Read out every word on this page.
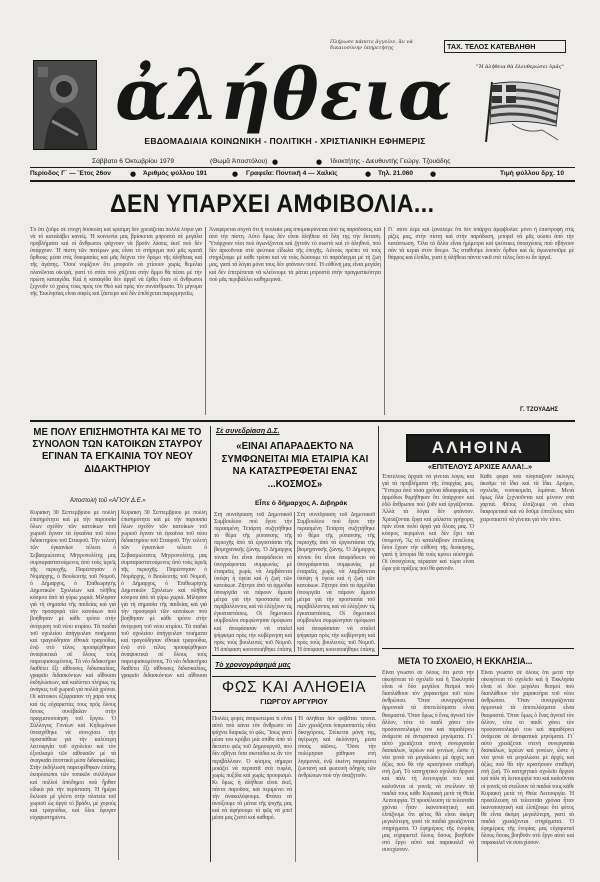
Πλήρωσε κάποτε ἀγγεῖον, ἂν νὰ δικαιοσύνην ὑπηρετήσῃς	ΤΑΧ. ΤΕΛΟΣ ΚΑΤΕΒΛΗΘΗ
ἀλήθεια	"Ἡ ἀλήθεια θὰ ἐλευθερώσει ὑμᾶς"
ΕΒΔΟΜΑΔΙΑΙΑ ΚΟΙΝΩΝΙΚΗ - ΠΟΛΙΤΙΚΗ - ΧΡΙΣΤΙΑΝΙΚΗ ΕΦΗΜΕΡΙΣ
Σάββατο 6 Ὀκτωβρίου 1979	(Θωμᾶ Ἀποστόλου) ●	Ἰδιοκτήτης - Διευθυντὴς Γεώργ. Τζουάδης
●
Περίοδος Γ΄ — Ἔτος 26ον	● Ἀριθμὸς φύλλου 191	● Γραφεῖα: Ποντικῆ 4 — Χαλκὶς	● Τηλ. 21.060 ●	Τιμὴ φύλλου δρχ. 10
ΔΕΝ ΥΠΑΡΧΕΙ ΑΜΦΙΒΟΛΙΑ...
Τὸ ὅτι ζοῦμε σὲ ἐποχὴ δύσκολη καὶ κρίσιμη δὲν χρειάζεται πολλὰ λόγια γιὰ νὰ τὸ καταλάβει κανείς. Ἡ κοινωνία μας βρίσκεται μπροστὰ σὲ μεγάλα προβλήματα καὶ οἱ ἄνθρωποι ψάχνουν νὰ βροῦν λύσεις ἐκεῖ ποὺ δὲν ὑπάρχουν. Ἡ πίστη τῶν πατέρων μας εἶναι τὸ στήριγμα ποὺ μᾶς κρατᾶ ὄρθιους μέσα στὶς δοκιμασίες καὶ μᾶς δείχνει τὸν δρόμο τῆς ἀλήθειας καὶ τῆς ἀγάπης. Ὅσοι νομίζουν ὅτι μποροῦν νὰ χτίσουν χωρὶς θεμέλια πλανῶνται οἰκτρά, γιατὶ τὸ σπίτι ποὺ χτίζεται στὴν ἄμμο θὰ πέσει μὲ τὴν πρώτη καταιγίδα. Καὶ ἡ καταιγίδα δὲν ἀργεῖ νὰ ἔρθει ὅταν οἱ ἄνθρωποι ξεχνοῦν τὸ χρέος τους πρὸς τὸν Θεὸ καὶ πρὸς τὸν συνάνθρωπο. Τὸ μήνυμα τῆς Ἐκκλησίας εἶναι σαφὲς καὶ ξάστερο καὶ δὲν ἐπιδέχεται παρερμηνεῖες.
Ἀναφέρεται συχνὰ ὅτι ἡ νεολαία μας ἀπομακρύνεται ἀπὸ τὶς παραδόσεις καὶ ἀπὸ τὴν πίστη. Αὐτὸ ὅμως δὲν εἶναι ἀλήθεια σὲ ὅλη της τὴν ἔκταση. Ὑπάρχουν νέοι ποὺ ἀγωνίζονται καὶ ζητοῦν τὸ σωστὸ καὶ τὸ ἀληθινό, ποὺ δὲν ἀρκοῦνται στὰ ψεύτικα εἴδωλα τῆς ἐποχῆς. Αὐτοὺς πρέπει νὰ τοὺς στηρίξουμε μὲ κάθε τρόπο καὶ νὰ τοὺς δώσουμε τὸ παράδειγμα μὲ τὴ ζωή μας, γιατὶ τὰ λόγια μόνα τους δὲν φτάνουν ποτέ. Ἡ εὐθύνη μας εἶναι μεγάλη καὶ δὲν ἐπιτρέπεται νὰ κλείνουμε τὰ μάτια μπροστὰ στὴν πραγματικότητα ποὺ μᾶς περιβάλλει καθημερινά.
Γι᾽ αὐτὸ λέμε καὶ ξαναλέμε ὅτι δὲν ὑπάρχει ἀμφιβολία: μόνο ἡ ἐπιστροφὴ στὶς ρίζες μας, στὴν πίστη καὶ στὴν παράδοση, μπορεῖ νὰ μᾶς σώσει ἀπὸ τὴν κατάπτωση. Ὅλα τὰ ἄλλα εἶναι ἡμίμετρα καὶ ψεύτικες ὑποσχέσεις ποὺ σβήνουν σὰν τὰ κεριὰ στὸν ἄνεμο. Ἂς σταθοῦμε λοιπὸν ὄρθιοι καὶ ἂς ἀγωνιστοῦμε μὲ θάρρος καὶ ἐλπίδα, γιατὶ ἡ ἀλήθεια πάντα νικᾶ στὸ τέλος ὅσο κι ἂν ἀργεῖ.
Γ. ΤΖΟΥΑΔΗΣ
ΜΕ ΠΟΛΥ ΕΠΙΣΗΜΟΤΗΤΑ ΚΑΙ ΜΕ ΤΟ ΣΥΝΟΛΟΝ ΤΩΝ ΚΑΤΟΙΚΩΝ ΣΤΑΥΡΟΥ ΕΓΙΝΑΝ ΤΑ ΕΓΚΑΙΝΙΑ ΤΟΥ ΝΕΟΥ ΔΙΔΑΚΤΗΡΙΟΥ
Ἀποστολὴ τοῦ «ΑΓΙΟΥ Δ.Ε.»
Κυριακὴ 30 Σεπτεμβρίου μὲ πολλὴ ἐπισημότητα καὶ μὲ τὴν παρουσία ὅλων σχεδὸν τῶν κατοίκων τοῦ χωριοῦ ἔγιναν τὰ ἐγκαίνια τοῦ νέου διδακτηρίου τοῦ Σταυροῦ. Τὴν τελετὴ τῶν ἐγκαινίων τέλεσε ὁ Σεβασμιώτατος Μητροπολίτης μας συμπαραστατούμενος ἀπὸ τοὺς ἱερεῖς τῆς περιοχῆς. Παρέστησαν ὁ Νομάρχης, ὁ Βουλευτὴς τοῦ Νομοῦ, ὁ Δήμαρχος, ὁ Ἐπιθεωρητὴς Δημοτικῶν Σχολείων καὶ πλῆθος κόσμου ἀπὸ τὰ γύρω χωριά. Μίλησαν γιὰ τὴ σημασία τῆς παιδείας καὶ γιὰ τὴν προσφορὰ τῶν κατοίκων ποὺ βοήθησαν μὲ κάθε τρόπο στὴν ἀνέγερση τοῦ νέου κτιρίου. Τὰ παιδιὰ τοῦ σχολείου ἀπήγγειλαν ποιήματα καὶ τραγούδησαν ἐθνικὰ τραγούδια, ἐνῷ στὸ τέλος προσφέρθηκαν ἀναψυκτικὰ σὲ ὅλους τοὺς παρευρισκομένους. Τὸ νέο διδακτήριο διαθέτει ἕξι αἴθουσες διδασκαλίας, γραφεῖο διδασκόντων καὶ αἴθουσα ἐκδηλώσεων, καὶ καλύπτει πλήρως τὶς ἀνάγκες τοῦ χωριοῦ γιὰ πολλὰ χρόνια. Οἱ κάτοικοι ἐξέφρασαν τὴ χαρά τους καὶ τὶς εὐχαριστίες τους πρὸς ὅλους ὅσους συνέβαλαν στὴν πραγματοποίηση τοῦ ἔργου. Ὁ Σύλλογος Γονέων καὶ Κηδεμόνων ὑποσχέθηκε νὰ συνεχίσει τὴν προσπάθεια γιὰ τὴν καλύτερη λειτουργία τοῦ σχολείου καὶ τὸν ἐξοπλισμὸ τῶν αἰθουσῶν μὲ τὰ ἀναγκαῖα ἐποπτικὰ μέσα διδασκαλίας. Στὴν ἐκδήλωση παρευρέθηκαν ἐπίσης ἐκπρόσωποι τῶν τοπικῶν συλλόγων καὶ πολλοὶ ἀπόδημοι ποὺ ἦρθαν εἰδικὰ γιὰ τὴν περίσταση. Ἡ ἡμέρα ἔκλεισε μὲ γλέντι στὴν πλατεία τοῦ χωριοῦ ὡς ἀργὰ τὸ βράδυ, μὲ χορούς καὶ τραγούδια, καὶ ὅλοι ἔφυγαν εὐχαριστημένοι.
Κυριακὴ 30 Σεπτεμβρίου μὲ πολλὴ ἐπισημότητα καὶ μὲ τὴν παρουσία ὅλων σχεδὸν τῶν κατοίκων τοῦ χωριοῦ ἔγιναν τὰ ἐγκαίνια τοῦ νέου διδακτηρίου τοῦ Σταυροῦ. Τὴν τελετὴ τῶν ἐγκαινίων τέλεσε ὁ Σεβασμιώτατος Μητροπολίτης μας συμπαραστατούμενος ἀπὸ τοὺς ἱερεῖς τῆς περιοχῆς. Παρέστησαν ὁ Νομάρχης, ὁ Βουλευτὴς τοῦ Νομοῦ, ὁ Δήμαρχος, ὁ Ἐπιθεωρητὴς Δημοτικῶν Σχολείων καὶ πλῆθος κόσμου ἀπὸ τὰ γύρω χωριά. Μίλησαν γιὰ τὴ σημασία τῆς παιδείας καὶ γιὰ τὴν προσφορὰ τῶν κατοίκων ποὺ βοήθησαν μὲ κάθε τρόπο στὴν ἀνέγερση τοῦ νέου κτιρίου. Τὰ παιδιὰ τοῦ σχολείου ἀπήγγειλαν ποιήματα καὶ τραγούδησαν ἐθνικὰ τραγούδια, ἐνῷ στὸ τέλος προσφέρθηκαν ἀναψυκτικὰ σὲ ὅλους τοὺς παρευρισκομένους. Τὸ νέο διδακτήριο διαθέτει ἕξι αἴθουσες διδασκαλίας, γραφεῖο διδασκόντων καὶ αἴθουσα
Σὲ συνεδρίαση Δ.Σ.
«ΕΙΝΑΙ ΑΠΑΡΑΔΕΚΤΟ ΝΑ ΣΥΜΦΩΝΕΙΤΑΙ ΜΙΑ ΕΤΑΙΡΙΑ ΚΑΙ ΝΑ ΚΑΤΑΣΤΡΕΦΕΤΑΙ ΕΝΑΣ ...ΚΟΣΜΟΣ»
Εἶπε ὁ δήμαρχος Α. Διβηράκ
Στὴ συνεδρίαση τοῦ Δημοτικοῦ Συμβουλίου ποὺ ἔγινε τὴν περασμένη Τετάρτη συζητήθηκε τὸ θέμα τῆς ρύπανσης τῆς περιοχῆς ἀπὸ τὰ ἐργοστάσια τῆς βιομηχανικῆς ζώνης. Ὁ Δήμαρχος τόνισε ὅτι εἶναι ἀπαράδεκτο νὰ ὑπογράφονται συμφωνίες μὲ ἑταιρεῖες χωρὶς νὰ λαμβάνεται ὑπόψη ἡ ὑγεία καὶ ἡ ζωὴ τῶν κατοίκων. Ζήτησε ἀπὸ τὰ ἁρμόδια ὑπουργεῖα νὰ πάρουν ἄμεσα μέτρα γιὰ τὴν προστασία τοῦ περιβάλλοντος καὶ νὰ ἐλέγξουν τὶς ἐγκαταστάσεις. Οἱ δημοτικοὶ σύμβουλοι συμφώνησαν ὁμόφωνα καὶ ἀποφάσισαν νὰ σταλεῖ ψήφισμα πρὸς τὴν κυβέρνηση καὶ πρὸς τοὺς βουλευτὲς τοῦ Νομοῦ. Ἡ ἀπόφαση κοινοποιήθηκε ἐπίσης
Στὴ συνεδρίαση τοῦ Δημοτικοῦ Συμβουλίου ποὺ ἔγινε τὴν περασμένη Τετάρτη συζητήθηκε τὸ θέμα τῆς ρύπανσης τῆς περιοχῆς ἀπὸ τὰ ἐργοστάσια τῆς βιομηχανικῆς ζώνης. Ὁ Δήμαρχος τόνισε ὅτι εἶναι ἀπαράδεκτο νὰ ὑπογράφονται συμφωνίες μὲ ἑταιρεῖες χωρὶς νὰ λαμβάνεται ὑπόψη ἡ ὑγεία καὶ ἡ ζωὴ τῶν κατοίκων. Ζήτησε ἀπὸ τὰ ἁρμόδια ὑπουργεῖα νὰ πάρουν ἄμεσα μέτρα γιὰ τὴν προστασία τοῦ περιβάλλοντος καὶ νὰ ἐλέγξουν τὶς ἐγκαταστάσεις. Οἱ δημοτικοὶ σύμβουλοι συμφώνησαν ὁμόφωνα καὶ ἀποφάσισαν νὰ σταλεῖ ψήφισμα πρὸς τὴν κυβέρνηση καὶ πρὸς τοὺς βουλευτὲς τοῦ Νομοῦ. Ἡ ἀπόφαση κοινοποιήθηκε ἐπίσης
ΑΛΗΘΙΝΑ
«ΕΠΙΤΕΛΟΥΣ ΑΡΧΙΣΕ ΑΛΛΑ!..»
Ἐπιτέλους ἄρχισε νὰ γίνεται λόγος καὶ γιὰ τὰ προβλήματα τῆς ἐπαρχίας μας. Ὕστερα ἀπὸ τόσα χρόνια ἀδιαφορίας οἱ ἁρμόδιοι θυμήθηκαν ὅτι ὑπάρχουν καὶ ἐδῶ ἄνθρωποι ποὺ ζοῦν καὶ ἐργάζονται. Ἀλλὰ τὰ λόγια δὲν φτάνουν. Χρειάζονται ἔργα καὶ μάλιστα γρήγορα, πρὶν εἶναι πολὺ ἀργά γιὰ ὅλους μας. Ὁ κόσμος περιμένει καὶ δὲν ἔχει πιὰ ὑπομονή. Ἂς τὸ καταλάβουν ἐπιτέλους ὅσοι ἔχουν τὴν εὐθύνη τῆς διοίκησης, γιατὶ ἡ ἱστορία θὰ τοὺς κρίνει αὐστηρά. Οἱ ὑποσχέσεις πέρασαν καὶ τώρα εἶναι ὥρα γιὰ πράξεις ποὺ θὰ φανοῦν.
Κάθε φορὰ ποὺ πλησιάζουν ἐκλογὲς ἀκοῦμε τὰ ἴδια καὶ τὰ ἴδια. Δρόμοι, σχολεῖα, νοσοκομεῖα, λιμάνια. Μετὰ ὅμως ὅλα ξεχνιοῦνται καὶ μένουν στὰ χαρτιά. Φέτος ἐλπίζουμε νὰ εἶναι διαφορετικά καὶ νὰ δοῦμε ἐπιτέλους κάτι χειροπιαστό νὰ γίνεται γιὰ τὸν τόπο.
ΜΕΤΑ ΤΟ ΣΧΟΛΕΙΟ, Η ΕΚΚΛΗΣΙΑ...
Εἶναι γνωστὸ σὲ ὅλους ὅτι μετὰ τὴν οἰκογένεια τὸ σχολεῖο καὶ ἡ Ἐκκλησία εἶναι οἱ δύο μεγάλοι θεσμοὶ ποὺ διαπλάθουν τὸν χαρακτήρα τοῦ νέου ἀνθρώπου. Ὅταν συνεργάζονται ἁρμονικὰ τὰ ἀποτελέσματα εἶναι θαυμαστά. Ὅταν ὅμως ὁ ἕνας ἀγνοεῖ τὸν ἄλλον, τότε τὸ παιδὶ χάνει τὸν προσανατολισμό του καὶ παραδέρνει ἀνάμεσα σὲ ἀντιφατικὰ μηνύματα. Γι᾽ αὐτὸ χρειάζεται στενὴ συνεργασία δασκάλων, ἱερέων καὶ γονέων, ὥστε ἡ νέα γενιὰ νὰ μεγαλώσει μὲ ἀρχὲς καὶ ἀξίες ποὺ θὰ τὴν κρατήσουν σταθερὴ στὴ ζωή. Τὸ κατηχητικὸ σχολεῖο ἄρχισε καὶ πάλι τὴ λειτουργία του καὶ καλοῦνται οἱ γονεῖς νὰ στείλουν τὰ παιδιά τους κάθε Κυριακὴ μετὰ τὴ Θεία Λειτουργία. Ἡ προσέλευση τὰ τελευταῖα χρόνια ἦταν ἱκανοποιητικὴ καὶ ἐλπίζουμε ὅτι φέτος θὰ εἶναι ἀκόμη μεγαλύτερη, γιατὶ τὰ παιδιὰ χρειάζονται στηρίγματα. Ὁ ἐφημέριος τῆς ἐνορίας μας εὐχαριστεῖ ὅλους ὅσους βοηθοῦν στὸ ἔργο αὐτό καὶ παρακαλεῖ νὰ συνεχίσουν.
Εἶναι γνωστὸ σὲ ὅλους ὅτι μετὰ τὴν οἰκογένεια τὸ σχολεῖο καὶ ἡ Ἐκκλησία εἶναι οἱ δύο μεγάλοι θεσμοὶ ποὺ διαπλάθουν τὸν χαρακτήρα τοῦ νέου ἀνθρώπου. Ὅταν συνεργάζονται ἁρμονικὰ τὰ ἀποτελέσματα εἶναι θαυμαστά. Ὅταν ὅμως ὁ ἕνας ἀγνοεῖ τὸν ἄλλον, τότε τὸ παιδὶ χάνει τὸν προσανατολισμό του καὶ παραδέρνει ἀνάμεσα σὲ ἀντιφατικὰ μηνύματα. Γι᾽ αὐτὸ χρειάζεται στενὴ συνεργασία δασκάλων, ἱερέων καὶ γονέων, ὥστε ἡ νέα γενιὰ νὰ μεγαλώσει μὲ ἀρχὲς καὶ ἀξίες ποὺ θὰ τὴν κρατήσουν σταθερὴ στὴ ζωή. Τὸ κατηχητικὸ σχολεῖο ἄρχισε καὶ πάλι τὴ λειτουργία του καὶ καλοῦνται οἱ γονεῖς νὰ στείλουν τὰ παιδιά τους κάθε Κυριακὴ μετὰ τὴ Θεία Λειτουργία. Ἡ προσέλευση τὰ τελευταῖα χρόνια ἦταν ἱκανοποιητικὴ καὶ ἐλπίζουμε ὅτι φέτος θὰ εἶναι ἀκόμη μεγαλύτερη, γιατὶ τὰ παιδιὰ χρειάζονται στηρίγματα. Ὁ ἐφημέριος τῆς ἐνορίας μας εὐχαριστεῖ ὅλους ὅσους βοηθοῦν στὸ ἔργο αὐτό καὶ παρακαλεῖ νὰ συνεχίσουν.
Τὸ χρονογράφημά μας
ΦΩΣ ΚΑΙ ΑΛΗΘΕΙΑ
ΓΙΩΡΓΟΥ ΑΡΓΥΡΙΟΥ
Πολλὲς φορὲς ἀναρωτιέμαι τί εἶναι αὐτὸ ποὺ κάνει τὸν ἄνθρωπο νὰ ψάχνει διαρκῶς τὸ φῶς. Ἴσως γιατὶ μέσα του κρύβει μιὰ σπίθα ἀπὸ τὸ ἄκτιστο φῶς τοῦ Δημιουργοῦ, ποὺ δὲν σβήνει ὅσα σκοτάδια κι ἂν τὸν περιβάλλουν. Ὁ κόσμος σήμερα μοιάζει νὰ περπατᾶ στὰ τυφλά, χωρὶς πυξίδα καὶ χωρὶς προορισμό. Κι ὅμως ἡ ἀλήθεια εἶναι ἐκεῖ, πάντα παροῦσα, καὶ περιμένει νὰ τὴν ἀνακαλύψουμε. Φτάνει νὰ ἀνοίξουμε τὰ μάτια τῆς ψυχῆς μας καὶ νὰ ἀφήσουμε τὸ φῶς νὰ μπεῖ μέσα μας ζεστὸ καὶ καθαρό.
Ἡ ἀλήθεια δὲν φοβᾶται τίποτα. Δὲν χρειάζεται ὑπερασπιστὲς οὔτε δικηγόρους. Στέκεται μόνη της, ἀγέρωχη καὶ ἀκλόνητη, μέσα στοὺς αἰῶνες. Ὅσοι τὴν πολέμησαν χάθηκαν στὴ λησμονιά, ἐνῷ ἐκείνη παραμένει ζωντανὴ καὶ φωτεινὴ ὁδηγὸς τῶν ἀνθρώπων ποὺ τὴν ἀναζητοῦν.
